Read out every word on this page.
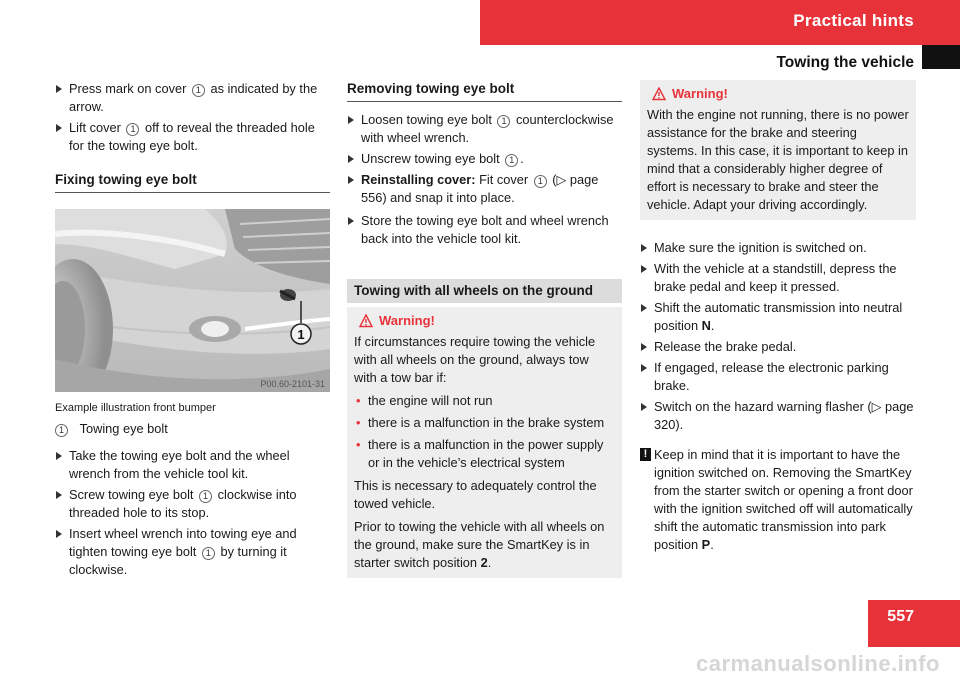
Practical hints
Towing the vehicle
Press mark on cover 1 as indicated by the arrow.
Lift cover 1 off to reveal the threaded hole for the towing eye bolt.
Fixing towing eye bolt
1
P00.60-2101-31
Example illustration front bumper
1 Towing eye bolt
Take the towing eye bolt and the wheel wrench from the vehicle tool kit.
Screw towing eye bolt 1 clockwise into threaded hole to its stop.
Insert wheel wrench into towing eye and tighten towing eye bolt 1 by turning it clockwise.
Removing towing eye bolt
Loosen towing eye bolt 1 counterclockwise with wheel wrench.
Unscrew towing eye bolt 1 .
Reinstalling cover: Fit cover 1 (▷ page 556) and snap it into place.
Store the towing eye bolt and wheel wrench back into the vehicle tool kit.
Towing with all wheels on the ground
Warning!
If circumstances require towing the vehicle with all wheels on the ground, always tow with a tow bar if:
• the engine will not run
• there is a malfunction in the brake system
• there is a malfunction in the power supply or in the vehicle’s electrical system
This is necessary to adequately control the towed vehicle.
Prior to towing the vehicle with all wheels on the ground, make sure the SmartKey is in starter switch position 2.
Warning!
With the engine not running, there is no power assistance for the brake and steering systems. In this case, it is important to keep in mind that a considerably higher degree of effort is necessary to brake and steer the vehicle. Adapt your driving accordingly.
Make sure the ignition is switched on.
With the vehicle at a standstill, depress the brake pedal and keep it pressed.
Shift the automatic transmission into neutral position N.
Release the brake pedal.
If engaged, release the electronic parking brake.
Switch on the hazard warning flasher (▷ page 320).
! Keep in mind that it is important to have the ignition switched on. Removing the SmartKey from the starter switch or opening a front door with the ignition switched off will automatically shift the automatic transmission into park position P.
557
carmanualsonline.info
